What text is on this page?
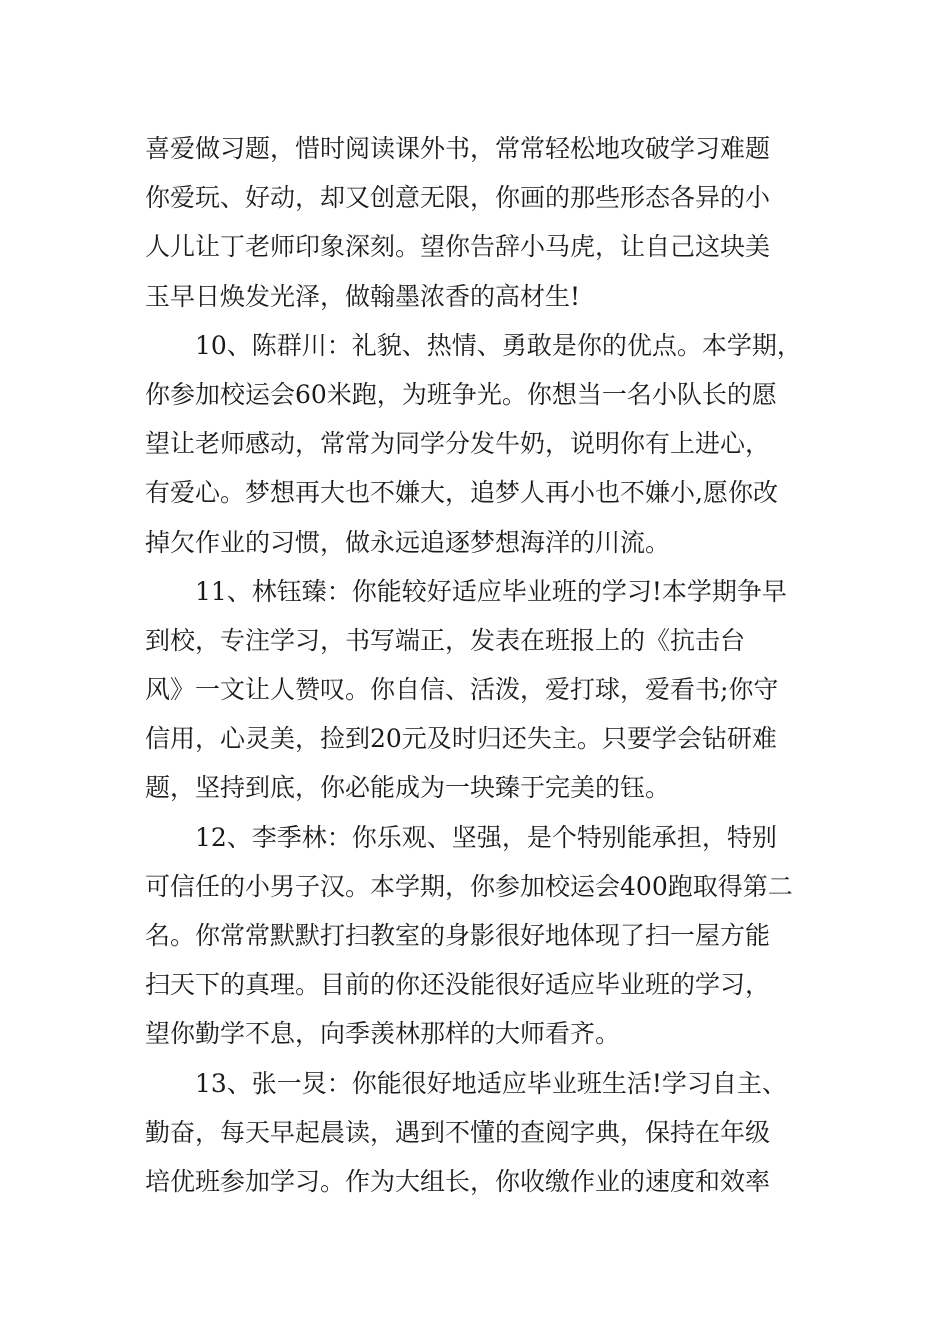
喜爱做习题，惜时阅读课外书，常常轻松地攻破学习难题
你爱玩、好动，却又创意无限，你画的那些形态各异的小
人儿让丁老师印象深刻。望你告辞小马虎，让自己这块美
玉早日焕发光泽，做翰墨浓香的高材生!
10、陈群川：礼貌、热情、勇敢是你的优点。本学期，
你参加校运会60米跑，为班争光。你想当一名小队长的愿
望让老师感动，常常为同学分发牛奶，说明你有上进心，
有爱心。梦想再大也不嫌大，追梦人再小也不嫌小,愿你改
掉欠作业的习惯，做永远追逐梦想海洋的川流。
11、林钰臻：你能较好适应毕业班的学习!本学期争早
到校，专注学习，书写端正，发表在班报上的《抗击台
风》一文让人赞叹。你自信、活泼，爱打球，爱看书;你守
信用，心灵美，捡到20元及时归还失主。只要学会钻研难
题，坚持到底，你必能成为一块臻于完美的钰。
12、李季林：你乐观、坚强，是个特别能承担，特别
可信任的小男子汉。本学期，你参加校运会400跑取得第二
名。你常常默默打扫教室的身影很好地体现了扫一屋方能
扫天下的真理。目前的你还没能很好适应毕业班的学习，
望你勤学不息，向季羡林那样的大师看齐。
13、张一炅：你能很好地适应毕业班生活!学习自主、
勤奋，每天早起晨读，遇到不懂的查阅字典，保持在年级
培优班参加学习。作为大组长，你收缴作业的速度和效率
